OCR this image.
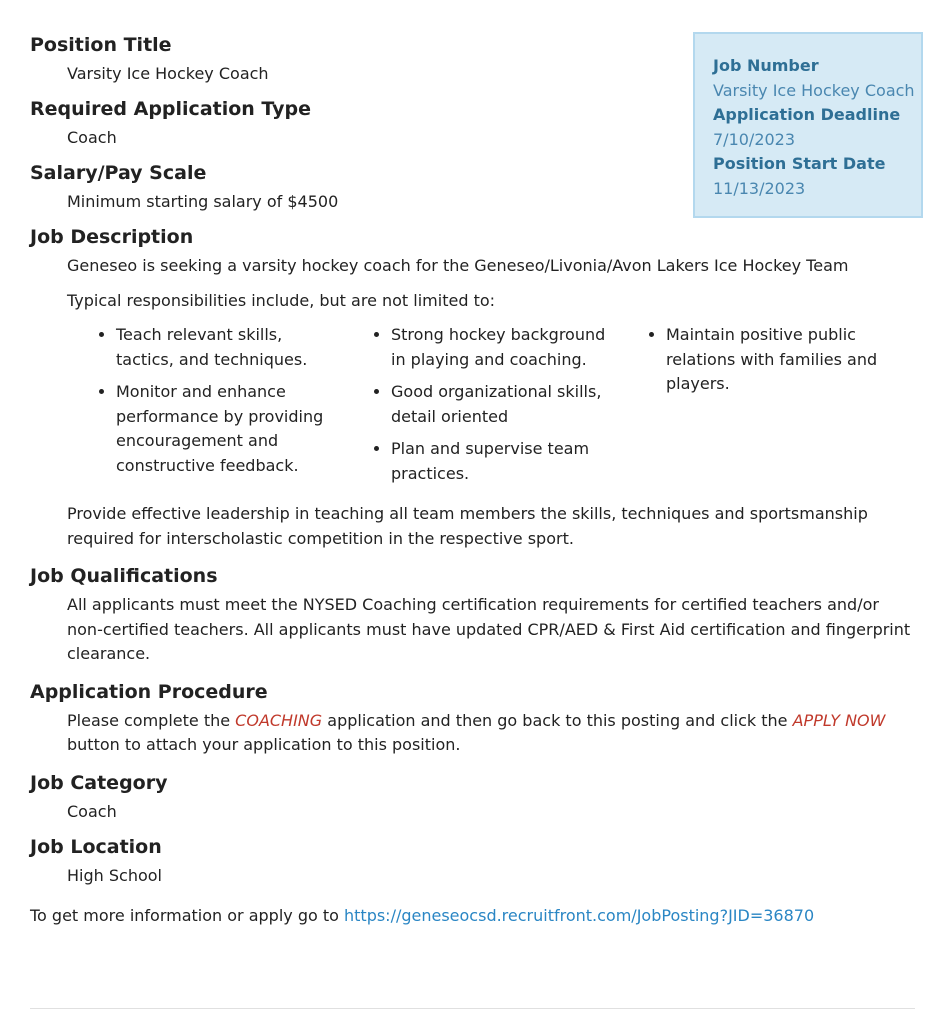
Position Title
Varsity Ice Hockey Coach
Required Application Type
Coach
Salary/Pay Scale
Minimum starting salary of $4500
Job Description

Geneseo is seeking a varsity hockey coach for the Geneseo/Livonia/Avon Lakers Ice Hockey Team

Typical responsibilities include, but are not limited to:

• Teach relevant skills, tactics, and techniques.
• Monitor and enhance performance by providing encouragement and constructive feedback.
• Strong hockey background in playing and coaching.
• Good organizational skills, detail oriented
• Plan and supervise team practices.
• Maintain positive public relations with families and players.

Provide effective leadership in teaching all team members the skills, techniques and sportsmanship required for interscholastic competition in the respective sport.

Job Qualifications

All applicants must meet the NYSED Coaching certification requirements for certified teachers and/or non-certified teachers. All applicants must have updated CPR/AED & First Aid certification and fingerprint clearance.

Application Procedure

Please complete the COACHING application and then go back to this posting and click the APPLY NOW button to attach your application to this position.

Job Category
Coach
Job Location
High School
To get more information or apply go to https://geneseocsd.recruitfront.com/JobPosting?JID=36870
Job Number
Varsity Ice Hockey Coach
Application Deadline
7/10/2023
Position Start Date
11/13/2023
